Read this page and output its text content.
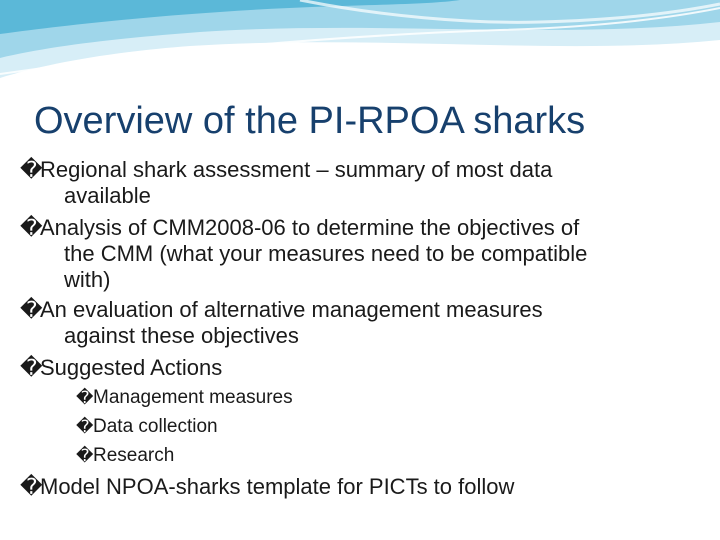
Overview of the PI-RPOA sharks
�Regional shark assessment – summary of most data
available
�Analysis of CMM2008-06 to determine the objectives of
the CMM (what your measures need to be compatible
with)
�An evaluation of alternative management measures
against these objectives
�Suggested Actions
�Management measures
�Data collection
�Research
�Model NPOA-sharks template for PICTs to follow
